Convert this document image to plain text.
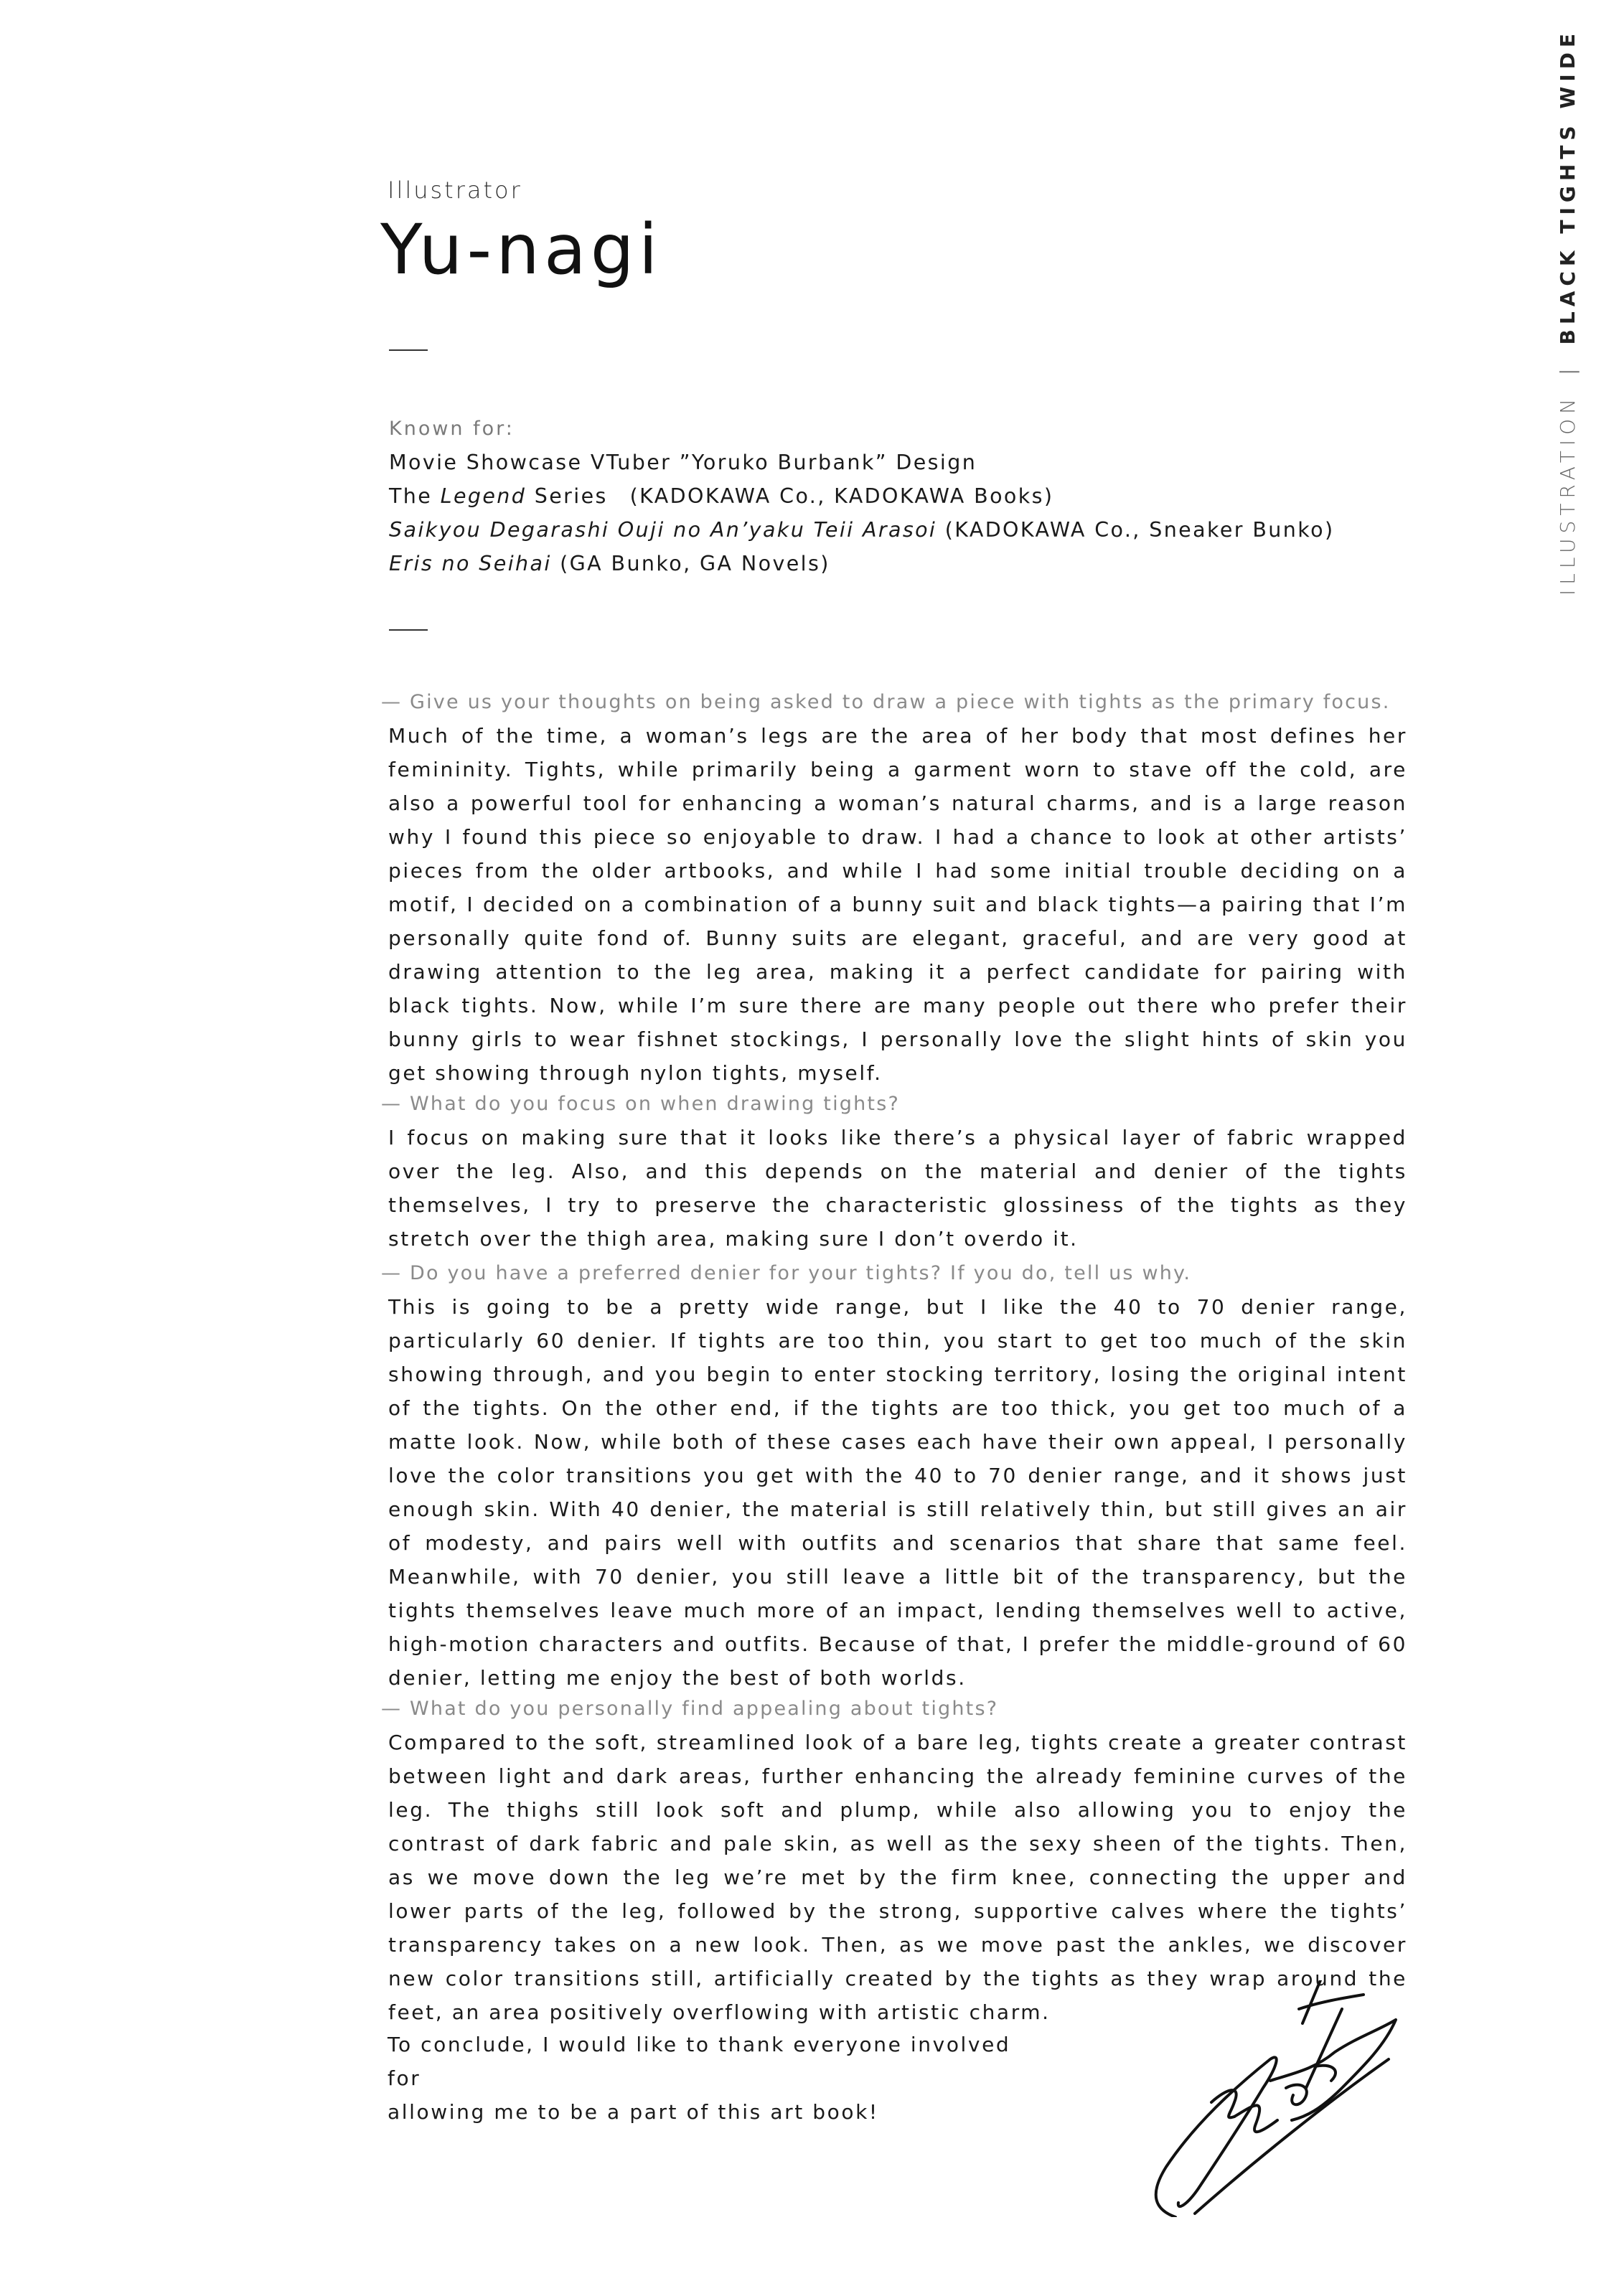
Illustrator
Yu-nagi
Known for:
Movie Showcase VTuber ”Yoruko Burbank” Design
The Legend Series　(KADOKAWA Co., KADOKAWA Books)
Saikyou Degarashi Ouji no An’yaku Teii Arasoi (KADOKAWA Co., Sneaker Bunko)
Eris no Seihai (GA Bunko, GA Novels)
— Give us your thoughts on being asked to draw a piece with tights as the primary focus.
Much of the time, a woman’s legs are the area of her body that most defines her femininity. Tights, while primarily being a garment worn to stave off the cold, are also a powerful tool for enhancing a woman’s natural charms, and is a large reason why I found this piece so enjoyable to draw. I had a chance to look at other artists’ pieces from the older artbooks, and while I had some initial trouble deciding on a motif, I decided on a combination of a bunny suit and black tights—a pairing that I’m personally quite fond of. Bunny suits are elegant, graceful, and are very good at drawing attention to the leg area, making it a perfect candidate for pairing with black tights. Now, while I’m sure there are many people out there who prefer their bunny girls to wear fishnet stockings, I personally love the slight hints of skin you get showing through nylon tights, myself.
— What do you focus on when drawing tights?
I focus on making sure that it looks like there’s a physical layer of fabric wrapped over the leg. Also, and this depends on the material and denier of the tights themselves, I try to preserve the characteristic glossiness of the tights as they stretch over the thigh area, making sure I don’t overdo it.
— Do you have a preferred denier for your tights? If you do, tell us why.
This is going to be a pretty wide range, but I like the 40 to 70 denier range, particularly 60 denier. If tights are too thin, you start to get too much of the skin showing through, and you begin to enter stocking territory, losing the original intent of the tights. On the other end, if the tights are too thick, you get too much of a matte look. Now, while both of these cases each have their own appeal, I personally love the color transitions you get with the 40 to 70 denier range, and it shows just enough skin. With 40 denier, the material is still relatively thin, but still gives an air of modesty, and pairs well with outfits and scenarios that share that same feel. Meanwhile, with 70 denier, you still leave a little bit of the transparency, but the tights themselves leave much more of an impact, lending themselves well to active, high-motion characters and outfits. Because of that, I prefer the middle-ground of 60 denier, letting me enjoy the best of both worlds.
— What do you personally find appealing about tights?
Compared to the soft, streamlined look of a bare leg, tights create a greater contrast between light and dark areas, further enhancing the already feminine curves of the leg. The thighs still look soft and plump, while also allowing you to enjoy the contrast of dark fabric and pale skin, as well as the sexy sheen of the tights. Then, as we move down the leg we’re met by the firm knee, connecting the upper and lower parts of the leg, followed by the strong, supportive calves where the tights’ transparency takes on a new look. Then, as we move past the ankles, we discover new color transitions still, artificially created by the tights as they wrap around the feet, an area positively overflowing with artistic charm.
To conclude, I would like to thank everyone involved for
allowing me to be a part of this art book!
ILLUSTRATION|BLACK TIGHTS WIDE
